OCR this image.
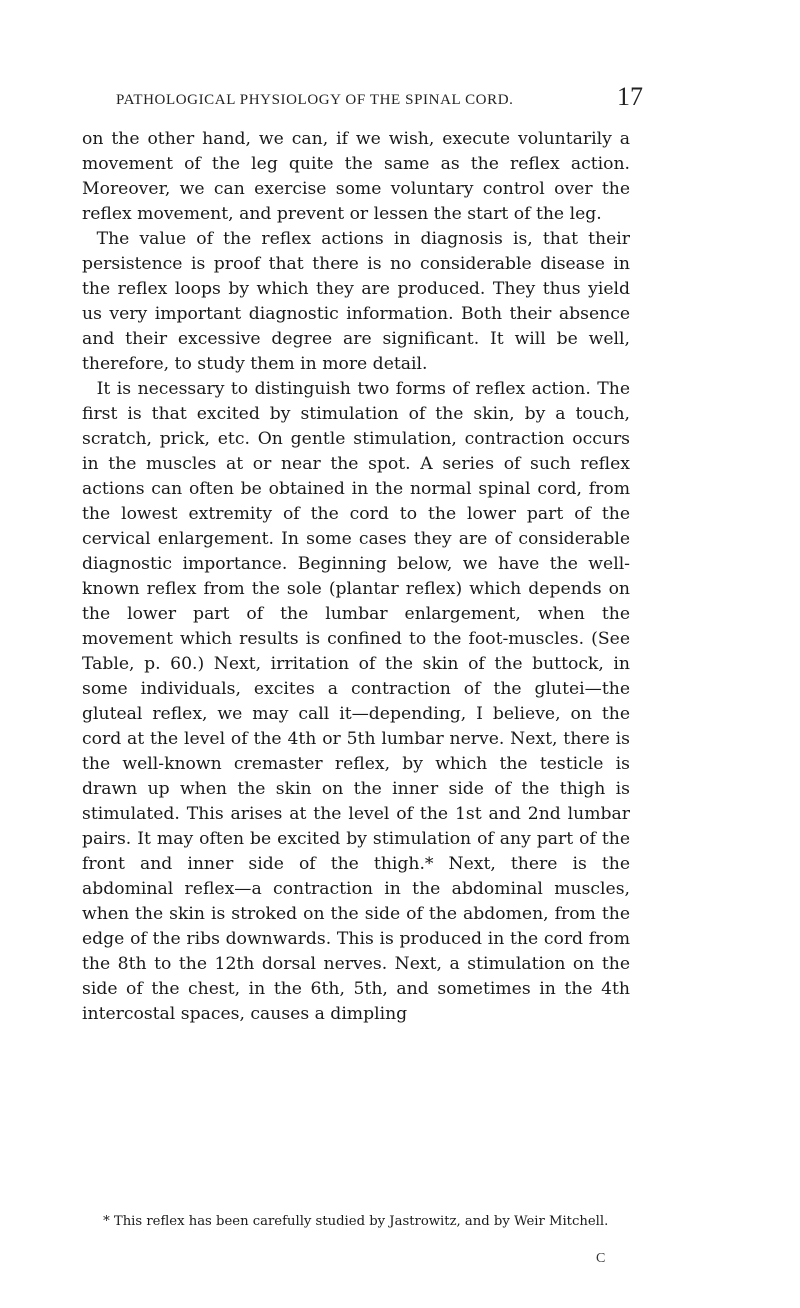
PATHOLOGICAL PHYSIOLOGY OF THE SPINAL CORD.	17

on the other hand, we can, if we wish, execute voluntarily a movement of the leg quite the same as the reflex action. Moreover, we can exercise some voluntary control over the reflex movement, and prevent or lessen the start of the leg.

The value of the reflex actions in diagnosis is, that their persistence is proof that there is no considerable disease in the reflex loops by which they are produced. They thus yield us very important diagnostic information. Both their absence and their excessive degree are significant. It will be well, therefore, to study them in more detail.

It is necessary to distinguish two forms of reflex action. The first is that excited by stimulation of the skin, by a touch, scratch, prick, etc. On gentle stimulation, contraction occurs in the muscles at or near the spot. A series of such reflex actions can often be obtained in the normal spinal cord, from the lowest extremity of the cord to the lower part of the cervical enlargement. In some cases they are of considerable diagnostic importance. Beginning below, we have the well-known reflex from the sole (plantar reflex) which depends on the lower part of the lumbar enlargement, when the movement which results is confined to the foot-muscles. (See Table, p. 60.) Next, irritation of the skin of the buttock, in some individuals, excites a contraction of the glutei—the gluteal reflex, we may call it—depending, I believe, on the cord at the level of the 4th or 5th lumbar nerve. Next, there is the well-known cremaster reflex, by which the testicle is drawn up when the skin on the inner side of the thigh is stimulated. This arises at the level of the 1st and 2nd lumbar pairs. It may often be excited by stimulation of any part of the front and inner side of the thigh.* Next, there is the abdominal reflex—a contraction in the abdominal muscles, when the skin is stroked on the side of the abdomen, from the edge of the ribs downwards. This is produced in the cord from the 8th to the 12th dorsal nerves. Next, a stimulation on the side of the chest, in the 6th, 5th, and sometimes in the 4th intercostal spaces, causes a dimpling

* This reflex has been carefully studied by Jastrowitz, and by Weir Mitchell.
C
